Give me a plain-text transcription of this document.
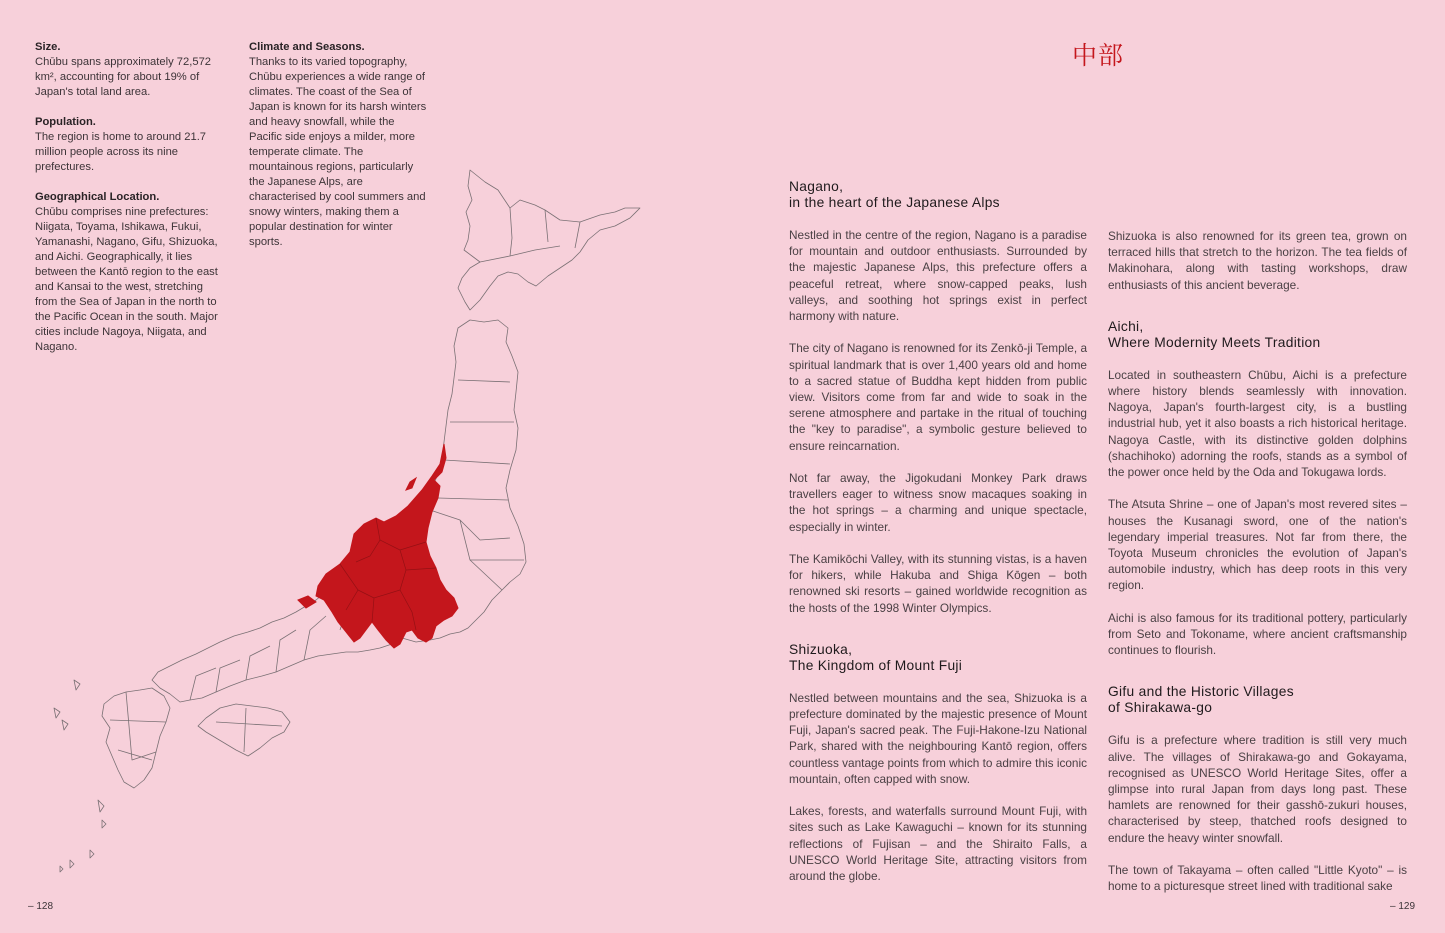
Size.

Chūbu spans approximately 72,572 km², accounting for about 19% of Japan's total land area.

Population.

The region is home to around 21.7 million people across its nine prefectures.

Geographical Location.

Chūbu comprises nine prefectures: Niigata, Toyama, Ishikawa, Fukui, Yamanashi, Nagano, Gifu, Shizuoka, and Aichi. Geographically, it lies between the Kantō region to the east and Kansai to the west, stretching from the Sea of Japan in the north to the Pacific Ocean in the south. Major cities include Nagoya, Niigata, and Nagano.

Climate and Seasons.

Thanks to its varied topography, Chūbu experiences a wide range of climates. The coast of the Sea of Japan is known for its harsh winters and heavy snowfall, while the Pacific side enjoys a milder, more temperate climate. The mountainous regions, particularly the Japanese Alps, are characterised by cool summers and snowy winters, making them a popular destination for winter sports.

中部
Nagano,
in the heart of the Japanese Alps

Nestled in the centre of the region, Nagano is a paradise for mountain and outdoor enthusiasts. Surrounded by the majestic Japanese Alps, this prefecture offers a peaceful retreat, where snow-capped peaks, lush valleys, and soothing hot springs exist in perfect harmony with nature.

The city of Nagano is renowned for its Zenkō-ji Temple, a spiritual landmark that is over 1,400 years old and home to a sacred statue of Buddha kept hidden from public view. Visitors come from far and wide to soak in the serene atmosphere and partake in the ritual of touching the "key to paradise", a symbolic gesture believed to ensure reincarnation.

Not far away, the Jigokudani Monkey Park draws travellers eager to witness snow macaques soaking in the hot springs – a charming and unique spectacle, especially in winter.

The Kamikōchi Valley, with its stunning vistas, is a haven for hikers, while Hakuba and Shiga Kōgen – both renowned ski resorts – gained worldwide recognition as the hosts of the 1998 Winter Olympics.

Shizuoka,
The Kingdom of Mount Fuji

Nestled between mountains and the sea, Shizuoka is a prefecture dominated by the majestic presence of Mount Fuji, Japan's sacred peak. The Fuji-Hakone-Izu National Park, shared with the neighbouring Kantō region, offers countless vantage points from which to admire this iconic mountain, often capped with snow.

Lakes, forests, and waterfalls surround Mount Fuji, with sites such as Lake Kawaguchi – known for its stunning reflections of Fujisan – and the Shiraito Falls, a UNESCO World Heritage Site, attracting visitors from around the globe.

Shizuoka is also renowned for its green tea, grown on terraced hills that stretch to the horizon. The tea fields of Makinohara, along with tasting workshops, draw enthusiasts of this ancient beverage.

Aichi,
Where Modernity Meets Tradition

Located in southeastern Chūbu, Aichi is a prefecture where history blends seamlessly with innovation. Nagoya, Japan's fourth-largest city, is a bustling industrial hub, yet it also boasts a rich historical heritage. Nagoya Castle, with its distinctive golden dolphins (shachihoko) adorning the roofs, stands as a symbol of the power once held by the Oda and Tokugawa lords.

The Atsuta Shrine – one of Japan's most revered sites – houses the Kusanagi sword, one of the nation's legendary imperial treasures. Not far from there, the Toyota Museum chronicles the evolution of Japan's automobile industry, which has deep roots in this very region.

Aichi is also famous for its traditional pottery, particularly from Seto and Tokoname, where ancient craftsmanship continues to flourish.

Gifu and the Historic Villages
of Shirakawa-go

Gifu is a prefecture where tradition is still very much alive. The villages of Shirakawa-go and Gokayama, recognised as UNESCO World Heritage Sites, offer a glimpse into rural Japan from days long past. These hamlets are renowned for their gasshō-zukuri houses, characterised by steep, thatched roofs designed to endure the heavy winter snowfall.

The town of Takayama – often called "Little Kyoto" – is home to a picturesque street lined with traditional sake

– 128	– 129
